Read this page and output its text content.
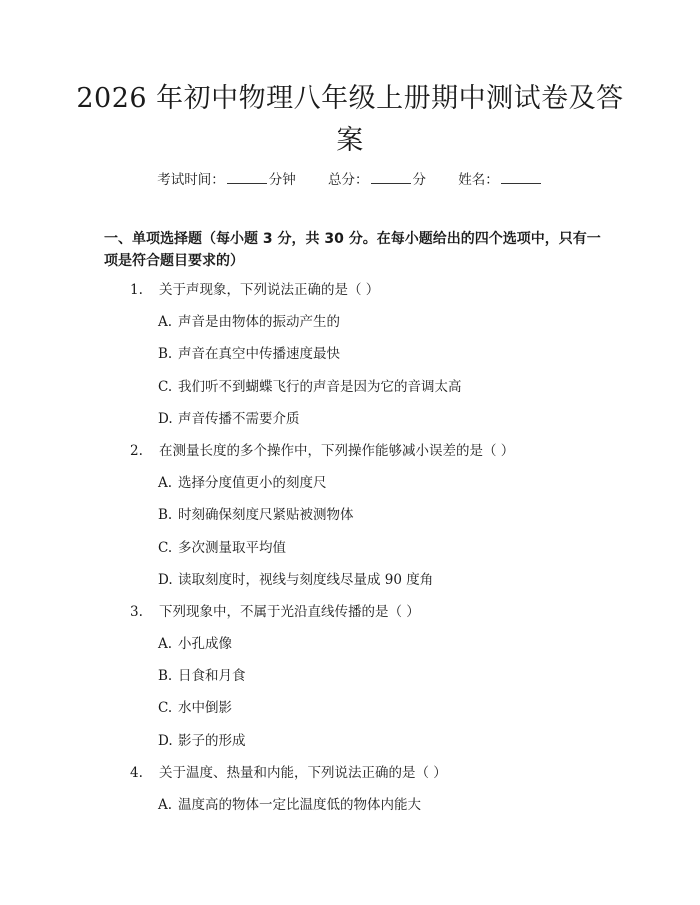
2026 年初中物理八年级上册期中测试卷及答案
考试时间：	分钟 总分：	分 姓名：
一、单项选择题（每小题 3 分，共 30 分。在每小题给出的四个选项中，只有一项是符合题目要求的）
1. 关于声现象，下列说法正确的是（ ）
A. 声音是由物体的振动产生的
B. 声音在真空中传播速度最快
C. 我们听不到蝴蝶飞行的声音是因为它的音调太高
D. 声音传播不需要介质
2. 在测量长度的多个操作中，下列操作能够减小误差的是（ ）
A. 选择分度值更小的刻度尺
B. 时刻确保刻度尺紧贴被测物体
C. 多次测量取平均值
D. 读取刻度时，视线与刻度线尽量成 90 度角
3. 下列现象中，不属于光沿直线传播的是（ ）
A. 小孔成像
B. 日食和月食
C. 水中倒影
D. 影子的形成
4. 关于温度、热量和内能，下列说法正确的是（ ）
A. 温度高的物体一定比温度低的物体内能大
